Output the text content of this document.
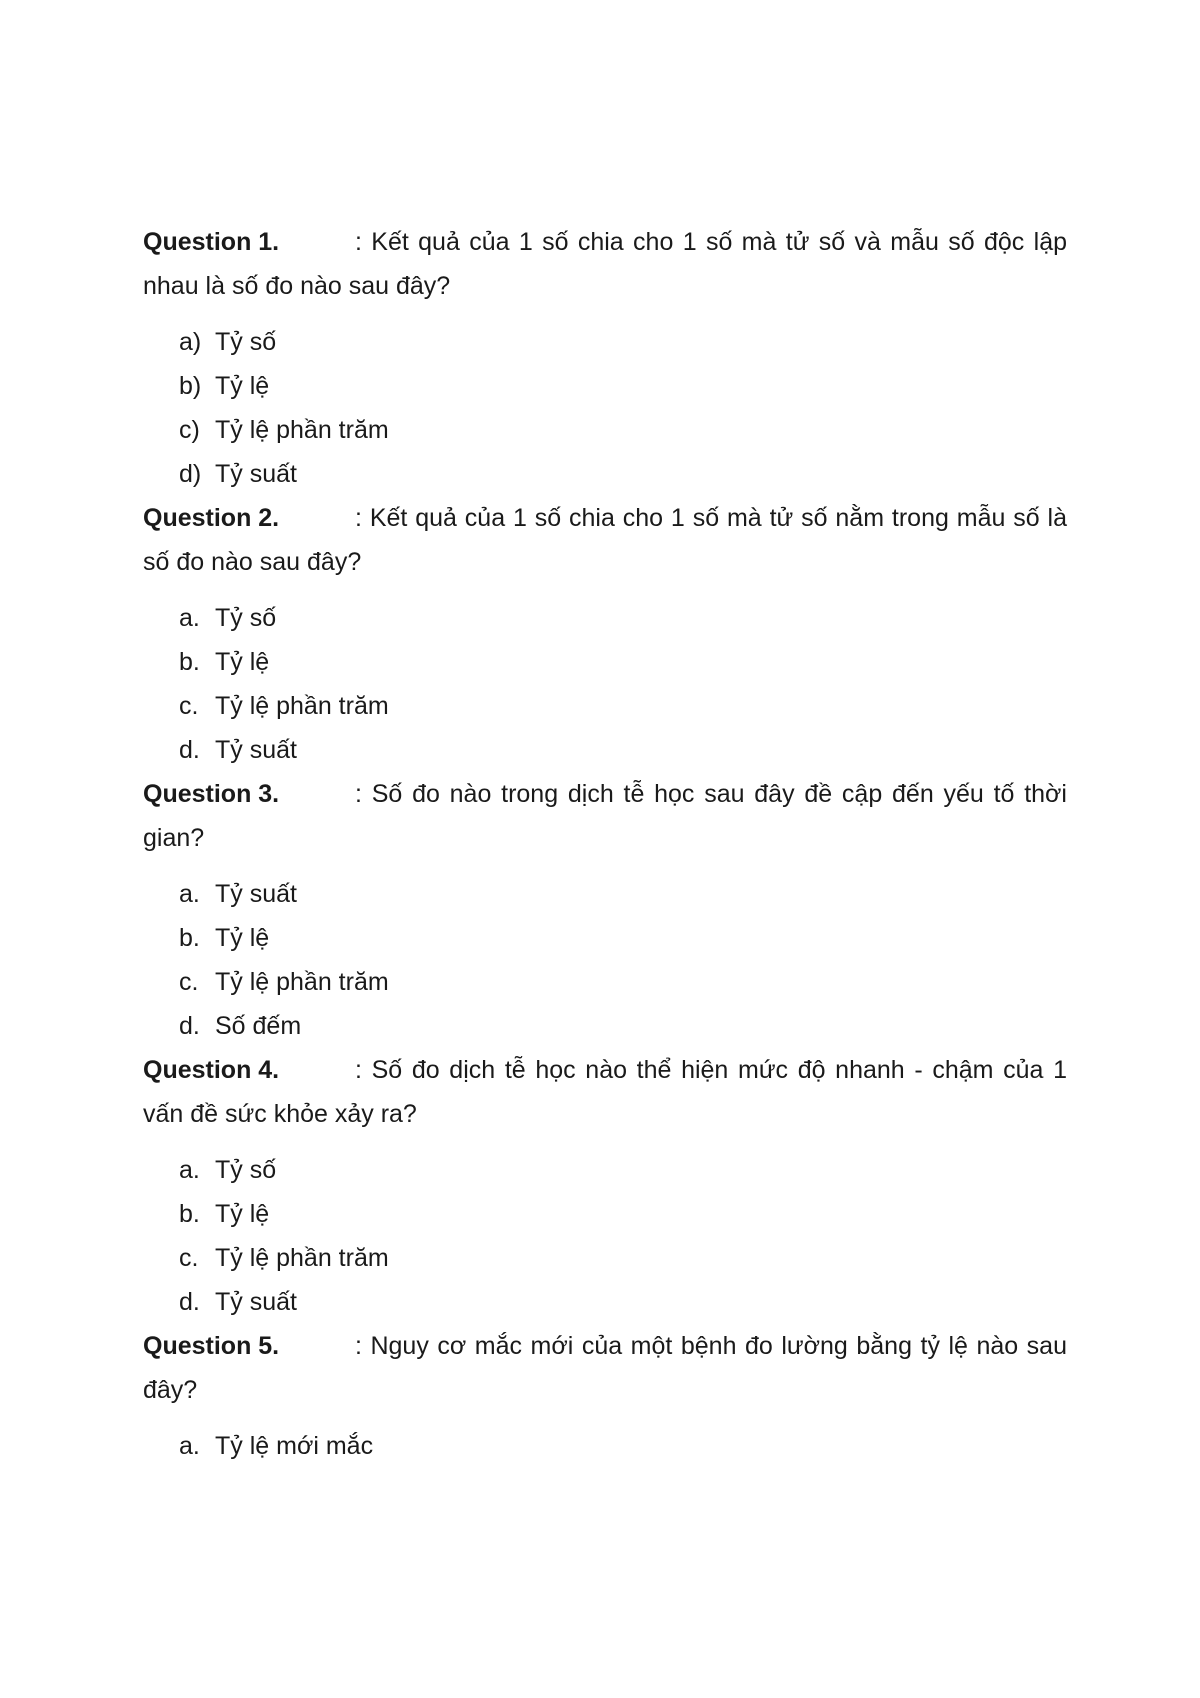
Question 1.	: Kết quả của 1 số chia cho 1 số mà tử số và mẫu số độc lập nhau là số đo nào sau đây?

a) Tỷ số
b) Tỷ lệ
c) Tỷ lệ phần trăm
d) Tỷ suất

Question 2.	: Kết quả của 1 số chia cho 1 số mà tử số nằm trong mẫu số là số đo nào sau đây?

a. Tỷ số
b. Tỷ lệ
c. Tỷ lệ phần trăm
d. Tỷ suất

Question 3.	: Số đo nào trong dịch tễ học sau đây đề cập đến yếu tố thời gian?

a. Tỷ suất
b. Tỷ lệ
c. Tỷ lệ phần trăm
d. Số đếm

Question 4.	: Số đo dịch tễ học nào thể hiện mức độ nhanh - chậm của 1 vấn đề sức khỏe xảy ra?

a. Tỷ số
b. Tỷ lệ
c. Tỷ lệ phần trăm
d. Tỷ suất

Question 5.	: Nguy cơ mắc mới của một bệnh đo lường bằng tỷ lệ nào sau đây?

a. Tỷ lệ mới mắc
